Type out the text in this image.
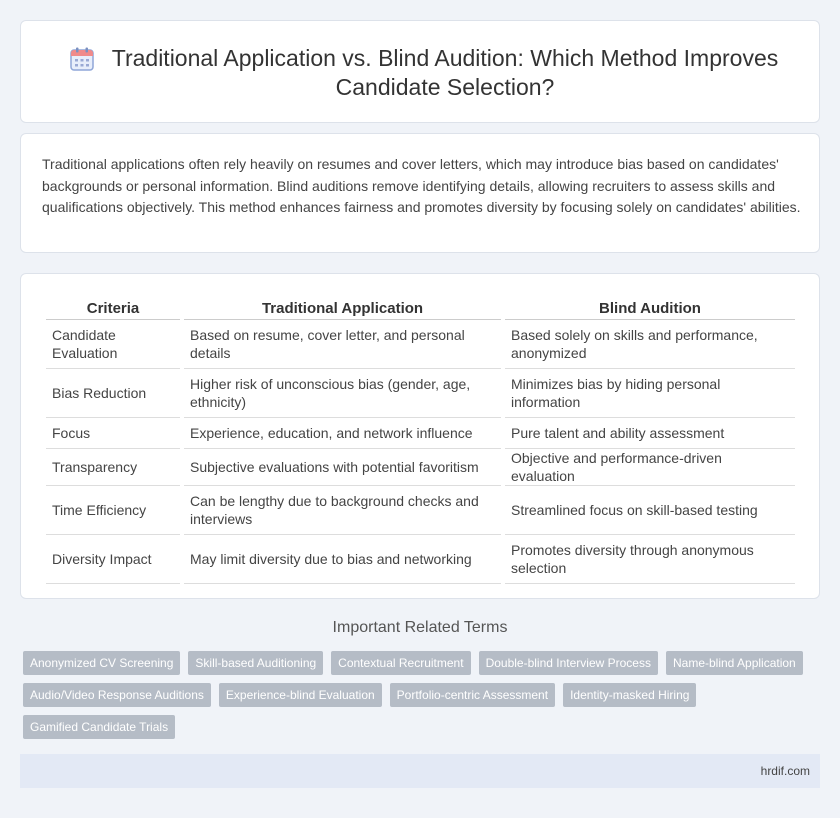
Traditional Application vs. Blind Audition: Which Method Improves Candidate Selection?

Traditional applications often rely heavily on resumes and cover letters, which may introduce bias based on candidates' backgrounds or personal information. Blind auditions remove identifying details, allowing recruiters to assess skills and qualifications objectively. This method enhances fairness and promotes diversity by focusing solely on candidates' abilities.

Criteria	Traditional Application	Blind Audition
Candidate Evaluation	Based on resume, cover letter, and personal details	Based solely on skills and performance, anonymized
Bias Reduction	Higher risk of unconscious bias (gender, age, ethnicity)	Minimizes bias by hiding personal information
Focus	Experience, education, and network influence	Pure talent and ability assessment
Transparency	Subjective evaluations with potential favoritism	Objective and performance-driven evaluation
Time Efficiency	Can be lengthy due to background checks and interviews	Streamlined focus on skill-based testing
Diversity Impact	May limit diversity due to bias and networking	Promotes diversity through anonymous selection
Important Related Terms
Anonymized CV Screening	Skill-based Auditioning	Contextual Recruitment	Double-blind Interview Process	Name-blind Application
Audio/Video Response Auditions	Experience-blind Evaluation	Portfolio-centric Assessment	Identity-masked Hiring
Gamified Candidate Trials
hrdif.com
